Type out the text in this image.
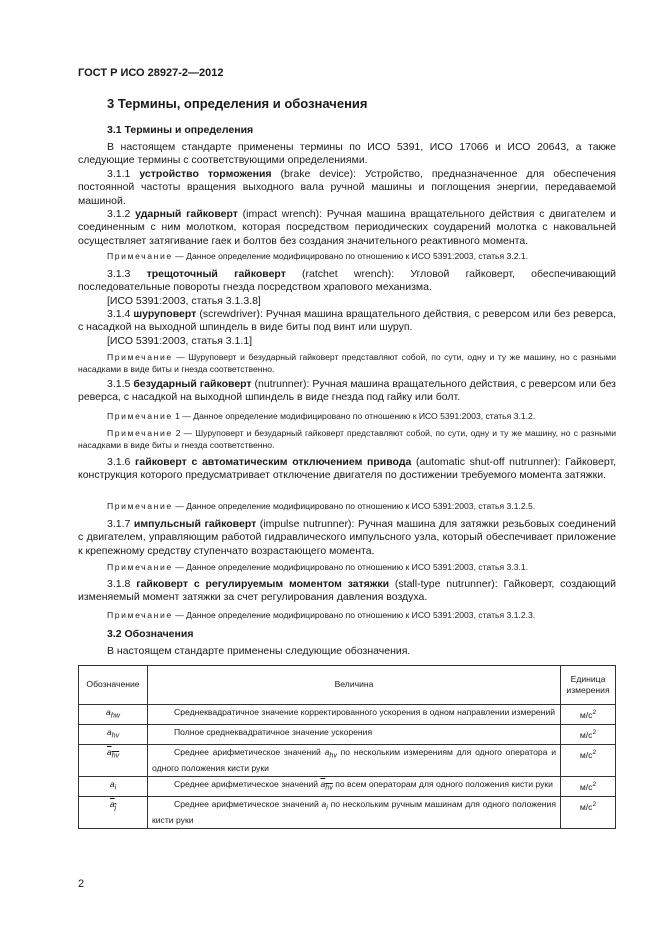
ГОСТ Р ИСО 28927-2—2012
3 Термины, определения и обозначения
3.1 Термины и определения
В настоящем стандарте применены термины по ИСО 5391, ИСО 17066 и ИСО 20643, а также следующие термины с соответствующими определениями.
3.1.1 устройство торможения (brake device): Устройство, предназначенное для обеспечения постоянной частоты вращения выходного вала ручной машины и поглощения энергии, передаваемой машиной.
3.1.2 ударный гайковерт (impact wrench): Ручная машина вращательного действия с двигателем и соединенным с ним молотком, которая посредством периодических соударений молотка с наковальней осуществляет затягивание гаек и болтов без создания значительного реактивного момента.
Примечание — Данное определение модифицировано по отношению к ИСО 5391:2003, статья 3.2.1.
3.1.3 трещоточный гайковерт (ratchet wrench): Угловой гайковерт, обеспечивающий последовательные повороты гнезда посредством храпового механизма.
[ИСО 5391:2003, статья 3.1.3.8]
3.1.4 шуруповерт (screwdriver): Ручная машина вращательного действия, с реверсом или без реверса, с насадкой на выходной шпиндель в виде биты под винт или шуруп.
[ИСО 5391:2003, статья 3.1.1]
Примечание — Шуруповерт и безударный гайковерт представляют собой, по сути, одну и ту же машину, но с разными насадками в виде биты и гнезда соответственно.
3.1.5 безударный гайковерт (nutrunner): Ручная машина вращательного действия, с реверсом или без реверса, с насадкой на выходной шпиндель в виде гнезда под гайку или болт.
Примечание 1 — Данное определение модифицировано по отношению к ИСО 5391:2003, статья 3.1.2.
Примечание 2 — Шуруповерт и безударный гайковерт представляют собой, по сути, одну и ту же машину, но с разными насадками в виде биты и гнезда соответственно.
3.1.6 гайковерт с автоматическим отключением привода (automatic shut-off nutrunner): Гайковерт, конструкция которого предусматривает отключение двигателя по достижении требуемого момента затяжки.
Примечание — Данное определение модифицировано по отношению к ИСО 5391:2003, статья 3.1.2.5.
3.1.7 импульсный гайковерт (impulse nutrunner): Ручная машина для затяжки резьбовых соединений с двигателем, управляющим работой гидравлического импульсного узла, который обеспечивает приложение к крепежному средству ступенчато возрастающего момента.
Примечание — Данное определение модифицировано по отношению к ИСО 5391:2003, статья 3.3.1.
3.1.8 гайковерт с регулируемым моментом затяжки (stall-type nutrunner): Гайковерт, создающий изменяемый момент затяжки за счет регулирования давления воздуха.
Примечание — Данное определение модифицировано по отношению к ИСО 5391:2003, статья 3.1.2.3.
3.2 Обозначения
В настоящем стандарте применены следующие обозначения.
Обозначение	Величина	Единица
измерения
$a_{hw}$	Среднеквадратичное значение корректированного ускорения в одном направлении измерений	$м/с^2$
$a_{hv}$	Полное среднеквадратичное значение ускорения	$м/с^2$
$a_{hv}$	Среднее арифметическое значений $a_{hv}$ по нескольким измерениям для одного оператора и одного положения кисти руки	$м/с^2$
$a_i$	Среднее арифметическое значений $a_{hv}$ по всем операторам для одного положения кисти руки	$м/с^2$
$a_j$	Среднее арифметическое значений $a_i$ по нескольким ручным машинам для одного положения кисти руки	$м/с^2$
2
